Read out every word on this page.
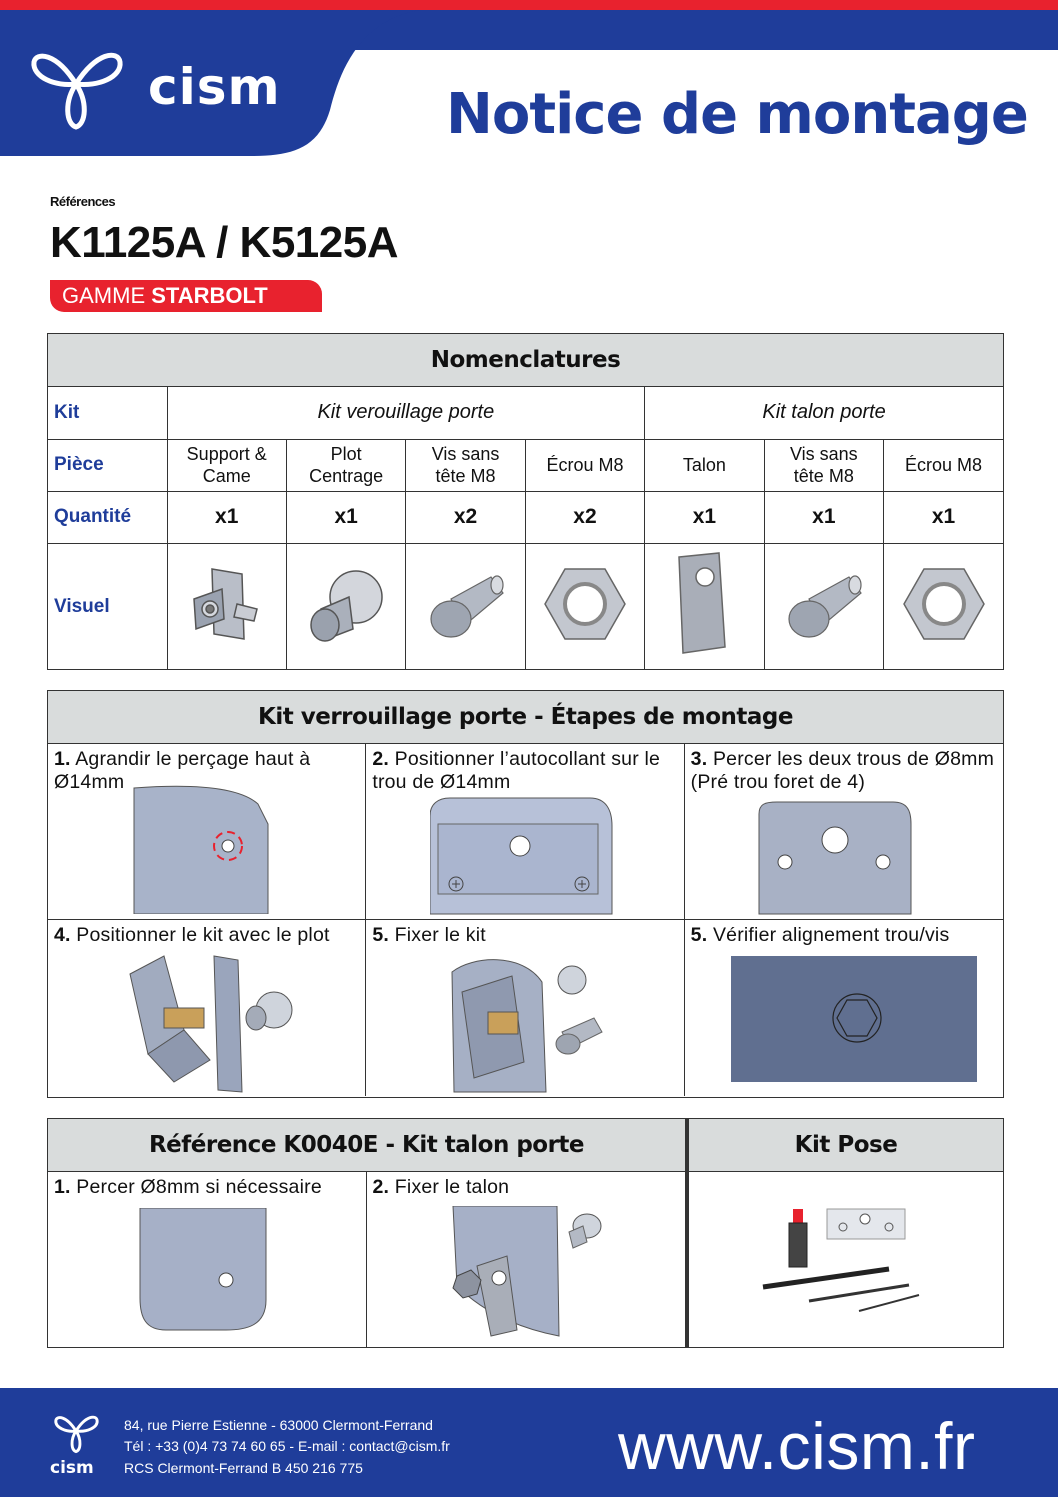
cism	Notice de montage
Références
K1125A / K5125A
GAMME STARBOLT
Nomenclatures
Kit	Kit verouillage porte				Kit talon porte		
Pièce	Support & Came	Plot Centrage	Vis sans tête M8	Écrou M8	Talon	Vis sans tête M8	Écrou M8
Quantité	x1	x1	x2	x2	x1	x1	x1
Visuel							
Kit verrouillage porte - Étapes de montage
1. Agrandir le perçage haut à Ø14mm
2. Positionner l’autocollant sur le trou de Ø14mm
3. Percer les deux trous de Ø8mm (Pré trou foret de 4)
4. Positionner le kit avec le plot	5. Fixer le kit	5. Vérifier alignement trou/vis
Référence K0040E - Kit talon porte
1. Percer Ø8mm si nécessaire	2. Fixer le talon
Kit Pose
cism
84, rue Pierre Estienne - 63000 Clermont-Ferrand
Tél : +33 (0)4 73 74 60 65 - E-mail : contact@cism.fr
RCS Clermont-Ferrand B 450 216 775	www.cism.fr
